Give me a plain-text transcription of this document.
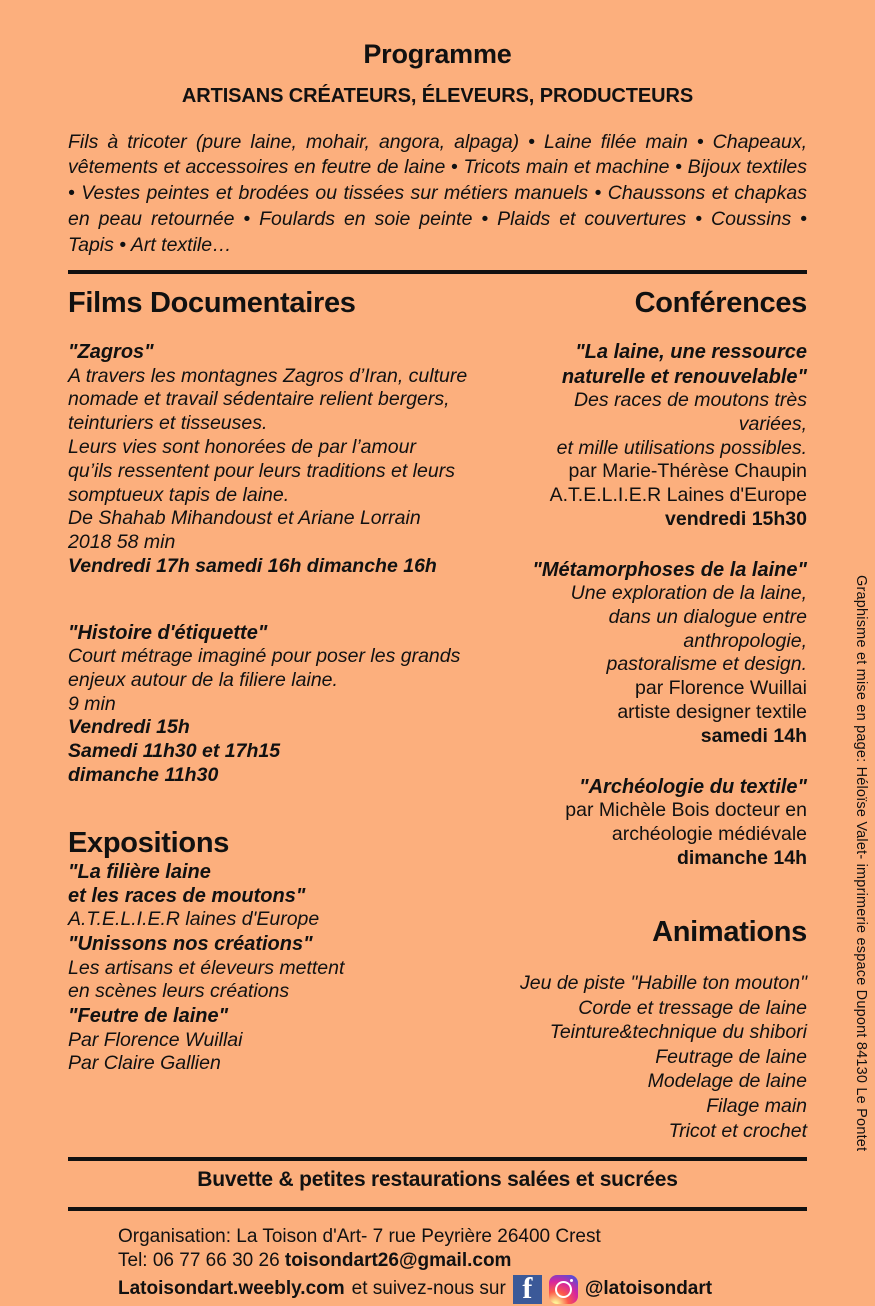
Programme
ARTISANS CRÉATEURS, ÉLEVEURS, PRODUCTEURS
Fils à tricoter (pure laine, mohair, angora, alpaga) • Laine filée main • Chapeaux, vêtements et accessoires en feutre de laine • Tricots main et machine • Bijoux textiles • Vestes peintes et brodées ou tissées sur métiers manuels • Chaussons et chapkas en peau retournée • Foulards en soie peinte • Plaids et couvertures • Coussins • Tapis • Art textile…
Films Documentaires
"Zagros"
A travers les montagnes Zagros d’Iran, culture
nomade et travail sédentaire relient bergers,
teinturiers et tisseuses.
Leurs vies sont honorées de par l’amour
qu’ils ressentent pour leurs traditions et leurs
somptueux tapis de laine.
De Shahab Mihandoust et Ariane Lorrain
2018 58 min
Vendredi 17h samedi 16h dimanche 16h
"Histoire d'étiquette"
Court métrage imaginé pour poser les grands
enjeux autour de la filiere laine.
9 min
Vendredi 15h
Samedi 11h30 et 17h15
dimanche 11h30
Expositions
"La filière laine
et les races de moutons"
A.T.E.L.I.E.R laines d'Europe
"Unissons nos créations"
Les artisans et éleveurs mettent
en scènes leurs créations
"Feutre de laine"
Par Florence Wuillai
Par Claire Gallien
Conférences
"La laine, une ressource
naturelle et renouvelable"
Des races de moutons très variées,
et mille utilisations possibles.
par Marie-Thérèse Chaupin
A.T.E.L.I.E.R Laines d'Europe
vendredi 15h30
"Métamorphoses de la laine"
Une exploration de la laine,
dans un dialogue entre anthropologie,
pastoralisme et design.
par Florence Wuillai
artiste designer textile
samedi 14h
"Archéologie du textile"
par Michèle Bois docteur en
archéologie médiévale
dimanche 14h
Animations
Jeu de piste "Habille ton mouton"
Corde et tressage de laine
Teinture&technique du shibori
Feutrage de laine
Modelage de laine
Filage main
Tricot et crochet
Buvette & petites restaurations salées et sucrées
Organisation: La Toison d'Art- 7 rue Peyrière 26400 Crest
Tel: 06 77 66 30 26 toisondart26@gmail.com
Latoisondart.weebly.com et suivez-nous sur f	@latoisondart
Graphisme et mise en page: Héloïse Valet- imprimerie espace Dupont 84130 Le Pontet
